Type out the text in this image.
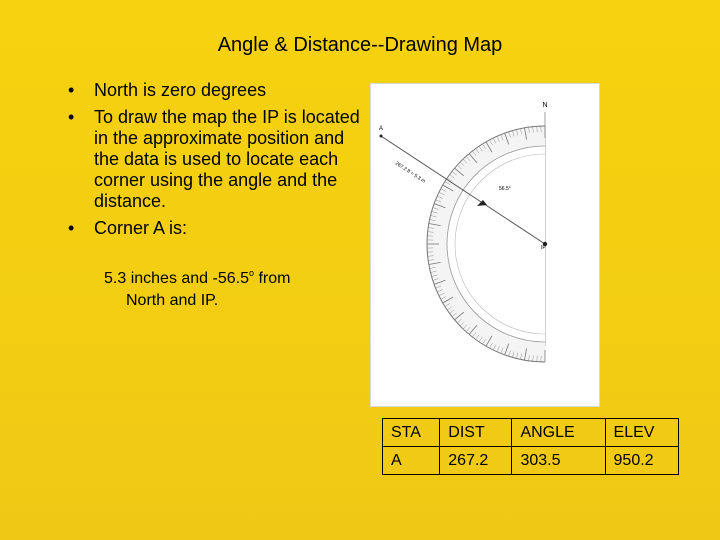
Angle & Distance--Drawing Map
• North is zero degrees
• To draw the map the IP is located in the approximate position and the data is used to locate each corner using the angle and the distance.
• Corner A is:
5.3 inches and -56.5$^o$ from
North and IP.
N
A
267.2 ft = 5.3 in
56.5°
IP
STA	DIST	ANGLE	ELEV
A	267.2	303.5	950.2
